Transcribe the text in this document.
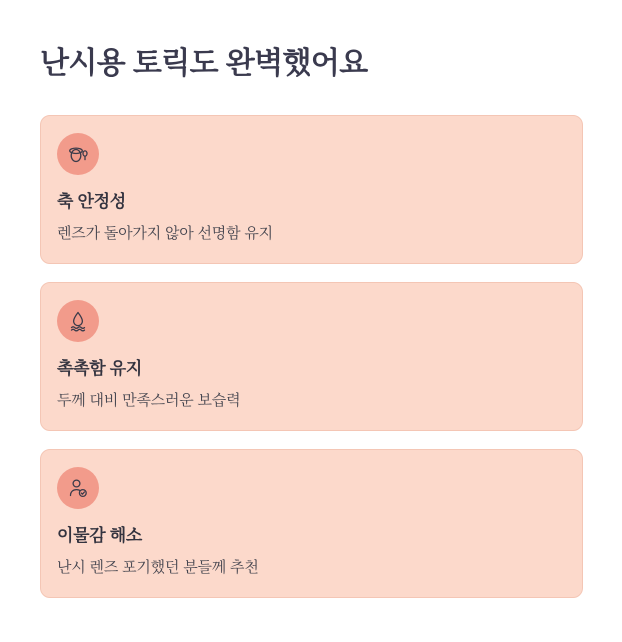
난시용 토릭도 완벽했어요
축 안정성

렌즈가 돌아가지 않아 선명함 유지

촉촉함 유지

두께 대비 만족스러운 보습력

이물감 해소

난시 렌즈 포기했던 분들께 추천
